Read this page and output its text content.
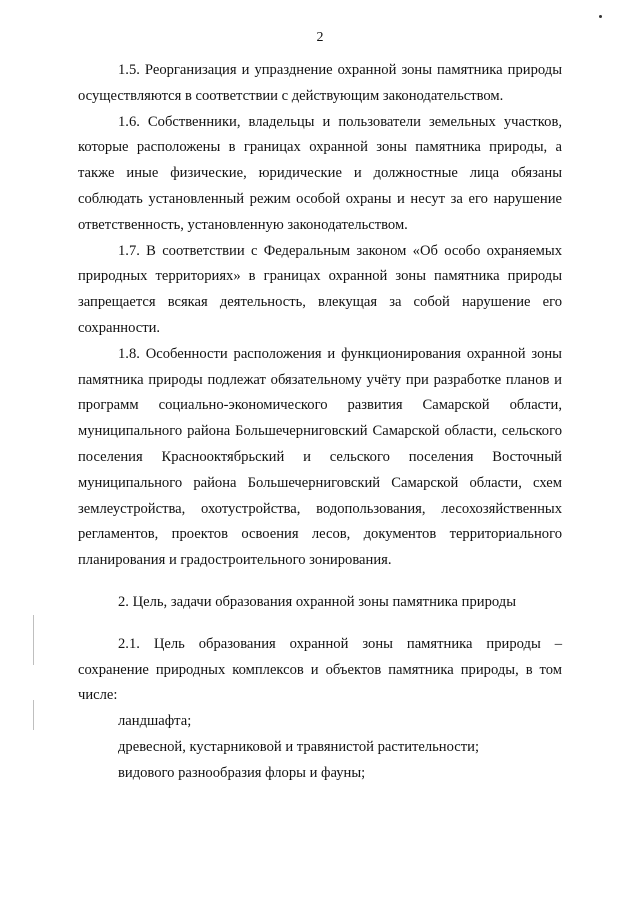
2

1.5. Реорганизация и упразднение охранной зоны памятника природы осуществляются в соответствии с действующим законодательством.

1.6. Собственники, владельцы и пользователи земельных участков, которые расположены в границах охранной зоны памятника природы, а также иные физические, юридические и должностные лица обязаны соблюдать установленный режим особой охраны и несут за его нарушение ответственность, установленную законодательством.

1.7. В соответствии с Федеральным законом «Об особо охраняемых природных территориях» в границах охранной зоны памятника природы запрещается всякая деятельность, влекущая за собой нарушение его сохранности.

1.8. Особенности расположения и функционирования охранной зоны памятника природы подлежат обязательному учёту при разработке планов и программ социально-экономического развития Самарской области, муниципального района Большечерниговский Самарской области, сельского поселения Краснооктябрьский и сельского поселения Восточный муниципального района Большечерниговский Самарской области, схем землеустройства, охотустройства, водопользования, лесохозяйственных регламентов, проектов освоения лесов, документов территориального планирования и градостроительного зонирования.

2. Цель, задачи образования охранной зоны памятника природы

2.1. Цель образования охранной зоны памятника природы – сохранение природных комплексов и объектов памятника природы, в том числе:

ландшафта;

древесной, кустарниковой и травянистой растительности;

видового разнообразия флоры и фауны;
